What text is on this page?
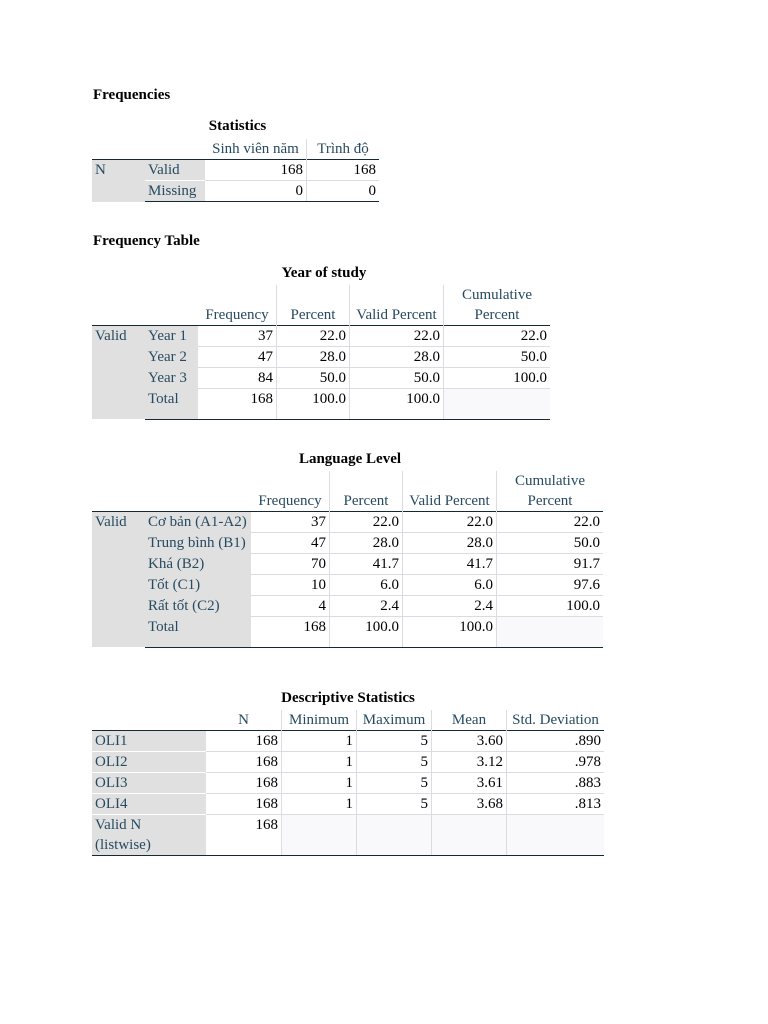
Frequencies
Statistics
		Sinh viên năm	Trình độ
N	Valid	168	168
	Missing	0	0
Frequency Table
Year of study
					Cumulative
		Frequency	Percent	Valid Percent	Percent
Valid	Year 1	37	22.0	22.0	22.0
	Year 2	47	28.0	28.0	50.0
	Year 3	84	50.0	50.0	100.0
	Total	168	100.0	100.0	
Language Level
					Cumulative
		Frequency	Percent	Valid Percent	Percent
Valid	Cơ bản (A1-A2)	37	22.0	22.0	22.0
	Trung bình (B1)	47	28.0	28.0	50.0
	Khá (B2)	70	41.7	41.7	91.7
	Tốt (C1)	10	6.0	6.0	97.6
	Rất tốt (C2)	4	2.4	2.4	100.0
	Total	168	100.0	100.0	
Descriptive Statistics
	N	Minimum	Maximum	Mean	Std. Deviation
OLI1	168	1	5	3.60	.890
OLI2	168	1	5	3.12	.978
OLI3	168	1	5	3.61	.883
OLI4	168	1	5	3.68	.813

Valid N
(listwise)	168				
